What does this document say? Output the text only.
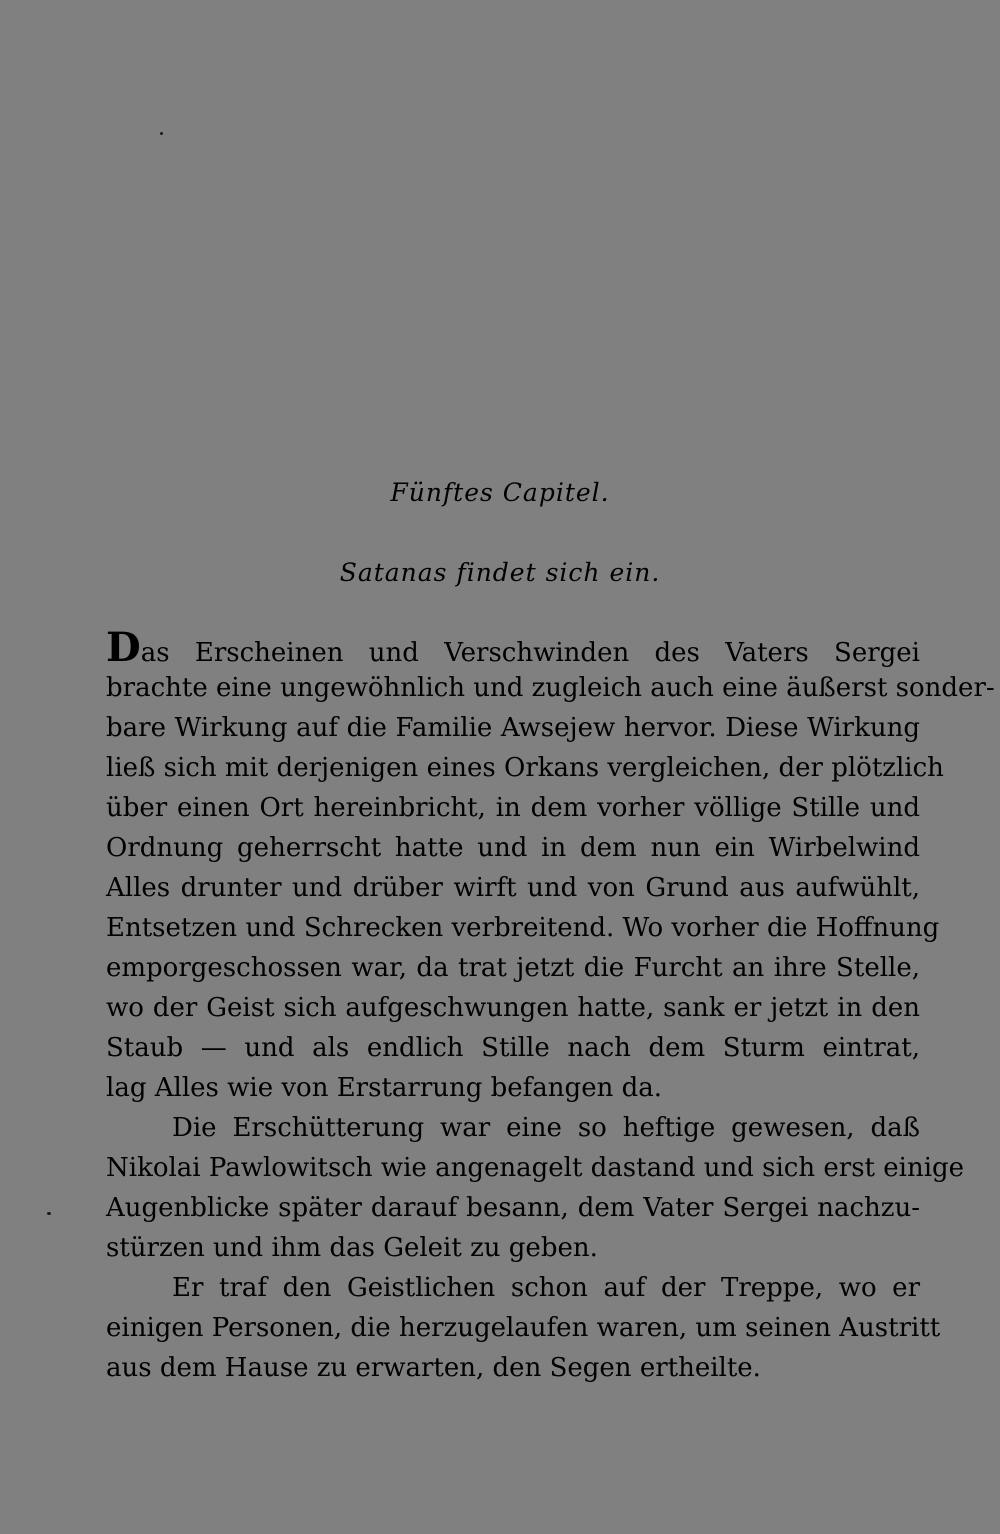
Fünftes Capitel.
Satanas findet sich ein.
Das Erscheinen und Verschwinden des Vaters Sergei
brachte eine ungewöhnlich und zugleich auch eine äußerst sonder-
bare Wirkung auf die Familie Awsejew hervor. Diese Wirkung
ließ sich mit derjenigen eines Orkans vergleichen, der plötzlich
über einen Ort hereinbricht, in dem vorher völlige Stille und
Ordnung geherrscht hatte und in dem nun ein Wirbelwind
Alles drunter und drüber wirft und von Grund aus aufwühlt,
Entsetzen und Schrecken verbreitend. Wo vorher die Hoffnung
emporgeschossen war, da trat jetzt die Furcht an ihre Stelle,
wo der Geist sich aufgeschwungen hatte, sank er jetzt in den
Staub — und als endlich Stille nach dem Sturm eintrat,
lag Alles wie von Erstarrung befangen da.
Die Erschütterung war eine so heftige gewesen, daß
Nikolai Pawlowitsch wie angenagelt dastand und sich erst einige
Augenblicke später darauf besann, dem Vater Sergei nachzu-
stürzen und ihm das Geleit zu geben.
Er traf den Geistlichen schon auf der Treppe, wo er
einigen Personen, die herzugelaufen waren, um seinen Austritt
aus dem Hause zu erwarten, den Segen ertheilte.
